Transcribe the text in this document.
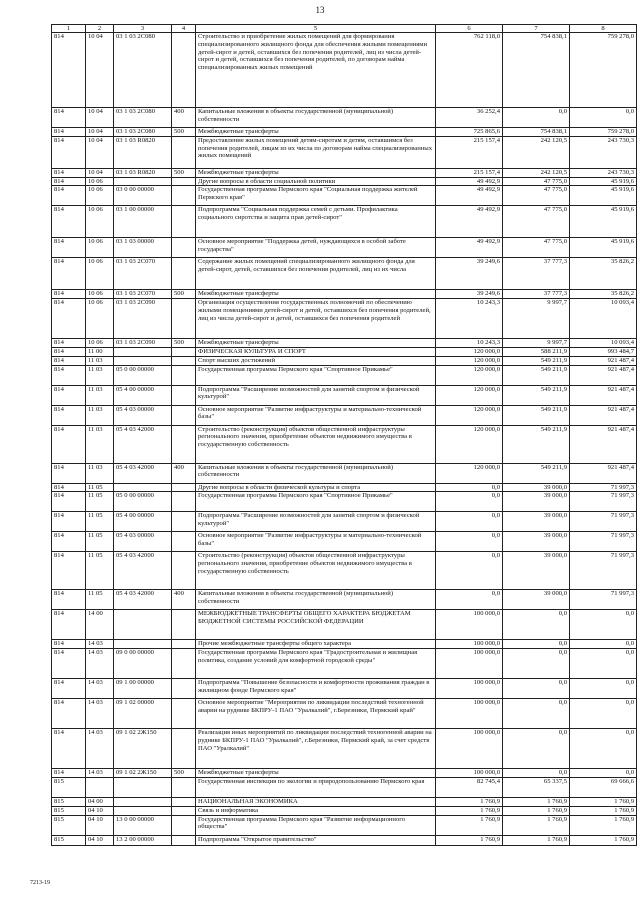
13
1	2	3	4	5	6	7	8
814	10 04	03 1 03 2С080		Строительство и приобретение жилых помещений для формирования специализированного жилищного фонда для обеспечения жилыми помещениями детей-сирот и детей, оставшихся без попечения родителей, лиц из числа детей-сирот и детей, оставшихся без попечения родителей, по договорам найма специализированных жилых помещений	762 118,0	754 838,1	759 278,0
814	10 04	03 1 03 2С080	400	Капитальные вложения в объекты государственной (муниципальной) собственности	36 252,4	0,0	0,0
814	10 04	03 1 03 2С080	500	Межбюджетные трансферты	725 865,6	754 838,1	759 278,0
814	10 04	03 1 03 R0820		Предоставление жилых помещений детям-сиротам и детям, оставшимся без попечения родителей, лицам из их числа по договорам найма специализированных жилых помещений	215 157,4	242 120,5	243 730,3
814	10 04	03 1 03 R0820	500	Межбюджетные трансферты	215 157,4	242 120,5	243 730,3
814	10 06			Другие вопросы в области социальной политики	49 492,9	47 775,0	45 919,6
814	10 06	03 0 00 00000		Государственная программа Пермского края "Социальная поддержка жителей Пермского края"	49 492,9	47 775,0	45 919,6
814	10 06	03 1 00 00000		Подпрограмма "Социальная поддержка семей с детьми. Профилактика социального сиротства и защита прав детей-сирот"	49 492,9	47 775,0	45 919,6
814	10 06	03 1 03 00000		Основное мероприятие "Поддержка детей, нуждающихся в особой заботе государства"	49 492,9	47 775,0	45 919,6
814	10 06	03 1 03 2С070		Содержание жилых помещений специализированного жилищного фонда для детей-сирот, детей, оставшихся без попечения родителей, лиц из их числа	39 249,6	37 777,3	35 826,2
814	10 06	03 1 03 2С070	500	Межбюджетные трансферты	39 249,6	37 777,3	35 826,2
814	10 06	03 1 03 2С090		Организация осуществления государственных полномочий по обеспечению жилыми помещениями детей-сирот и детей, оставшихся без попечения родителей, лиц из числа детей-сирот и детей, оставшихся без попечения родителей	10 243,3	9 997,7	10 093,4
814	10 06	03 1 03 2С090	500	Межбюджетные трансферты	10 243,3	9 997,7	10 093,4
814	11 00			ФИЗИЧЕСКАЯ КУЛЬТУРА И СПОРТ	120 000,0	588 211,9	993 484,7
814	11 03			Спорт высших достижений	120 000,0	549 211,9	921 487,4
814	11 03	05 0 00 00000		Государственная программа Пермского края "Спортивное Прикамье"	120 000,0	549 211,9	921 487,4
814	11 03	05 4 00 00000		Подпрограмма "Расширение возможностей для занятий спортом и физической культурой"	120 000,0	549 211,9	921 487,4
814	11 03	05 4 03 00000		Основное мероприятие "Развитие инфраструктуры и материально-технической базы"	120 000,0	549 211,9	921 487,4
814	11 03	05 4 03 42000		Строительство (реконструкция) объектов общественной инфраструктуры регионального значения, приобретение объектов недвижимого имущества в государственную собственность	120 000,0	549 211,9	921 487,4
814	11 03	05 4 03 42000	400	Капитальные вложения в объекты государственной (муниципальной) собственности	120 000,0	549 211,9	921 487,4
814	11 05			Другие вопросы в области физической культуры и спорта	0,0	39 000,0	71 997,3
814	11 05	05 0 00 00000		Государственная программа Пермского края "Спортивное Прикамье"	0,0	39 000,0	71 997,3
814	11 05	05 4 00 00000		Подпрограмма "Расширение возможностей для занятий спортом и физической культурой"	0,0	39 000,0	71 997,3
814	11 05	05 4 03 00000		Основное мероприятие "Развитие инфраструктуры и материально-технической базы"	0,0	39 000,0	71 997,3
814	11 05	05 4 03 42000		Строительство (реконструкция) объектов общественной инфраструктуры регионального значения, приобретение объектов недвижимого имущества в государственную собственность	0,0	39 000,0	71 997,3
814	11 05	05 4 03 42000	400	Капитальные вложения в объекты государственной (муниципальной) собственности	0,0	39 000,0	71 997,3
814	14 00			МЕЖБЮДЖЕТНЫЕ ТРАНСФЕРТЫ ОБЩЕГО ХАРАКТЕРА БЮДЖЕТАМ БЮДЖЕТНОЙ СИСТЕМЫ РОССИЙСКОЙ ФЕДЕРАЦИИ	100 000,0	0,0	0,0
814	14 03			Прочие межбюджетные трансферты общего характера	100 000,0	0,0	0,0
814	14 03	09 0 00 00000		Государственная программа Пермского края "Градостроительная и жилищная политика, создание условий для комфортной городской среды"	100 000,0	0,0	0,0
814	14 03	09 1 00 00000		Подпрограмма "Повышение безопасности и комфортности проживания граждан в жилищном фонде Пермского края"	100 000,0	0,0	0,0
814	14 03	09 1 02 00000		Основное мероприятие "Мероприятия по ликвидации последствий техногенной аварии на руднике БКПРУ-1 ПАО "Уралкалий", г.Березники, Пермский край"	100 000,0	0,0	0,0
814	14 03	09 1 02 2Ж150		Реализация иных мероприятий по ликвидации последствий техногенной аварии на руднике БКПРУ-1 ПАО "Уралкалий", г.Березники, Пермский край, за счет средств ПАО "Уралкалий"	100 000,0	0,0	0,0
814	14 03	09 1 02 2Ж150	500	Межбюджетные трансферты	100 000,0	0,0	0,0
815				Государственная инспекция по экологии и природопользованию Пермского края	82 745,4	65 337,5	69 666,6
815	04 00			НАЦИОНАЛЬНАЯ ЭКОНОМИКА	1 760,9	1 760,9	1 760,9
815	04 10			Связь и информатика	1 760,9	1 760,9	1 760,9
815	04 10	13 0 00 00000		Государственная программа Пермского края "Развитие информационного общества"	1 760,9	1 760,9	1 760,9
815	04 10	13 2 00 00000		Подпрограмма "Открытое правительство"	1 760,9	1 760,9	1 760,9
7213-19
